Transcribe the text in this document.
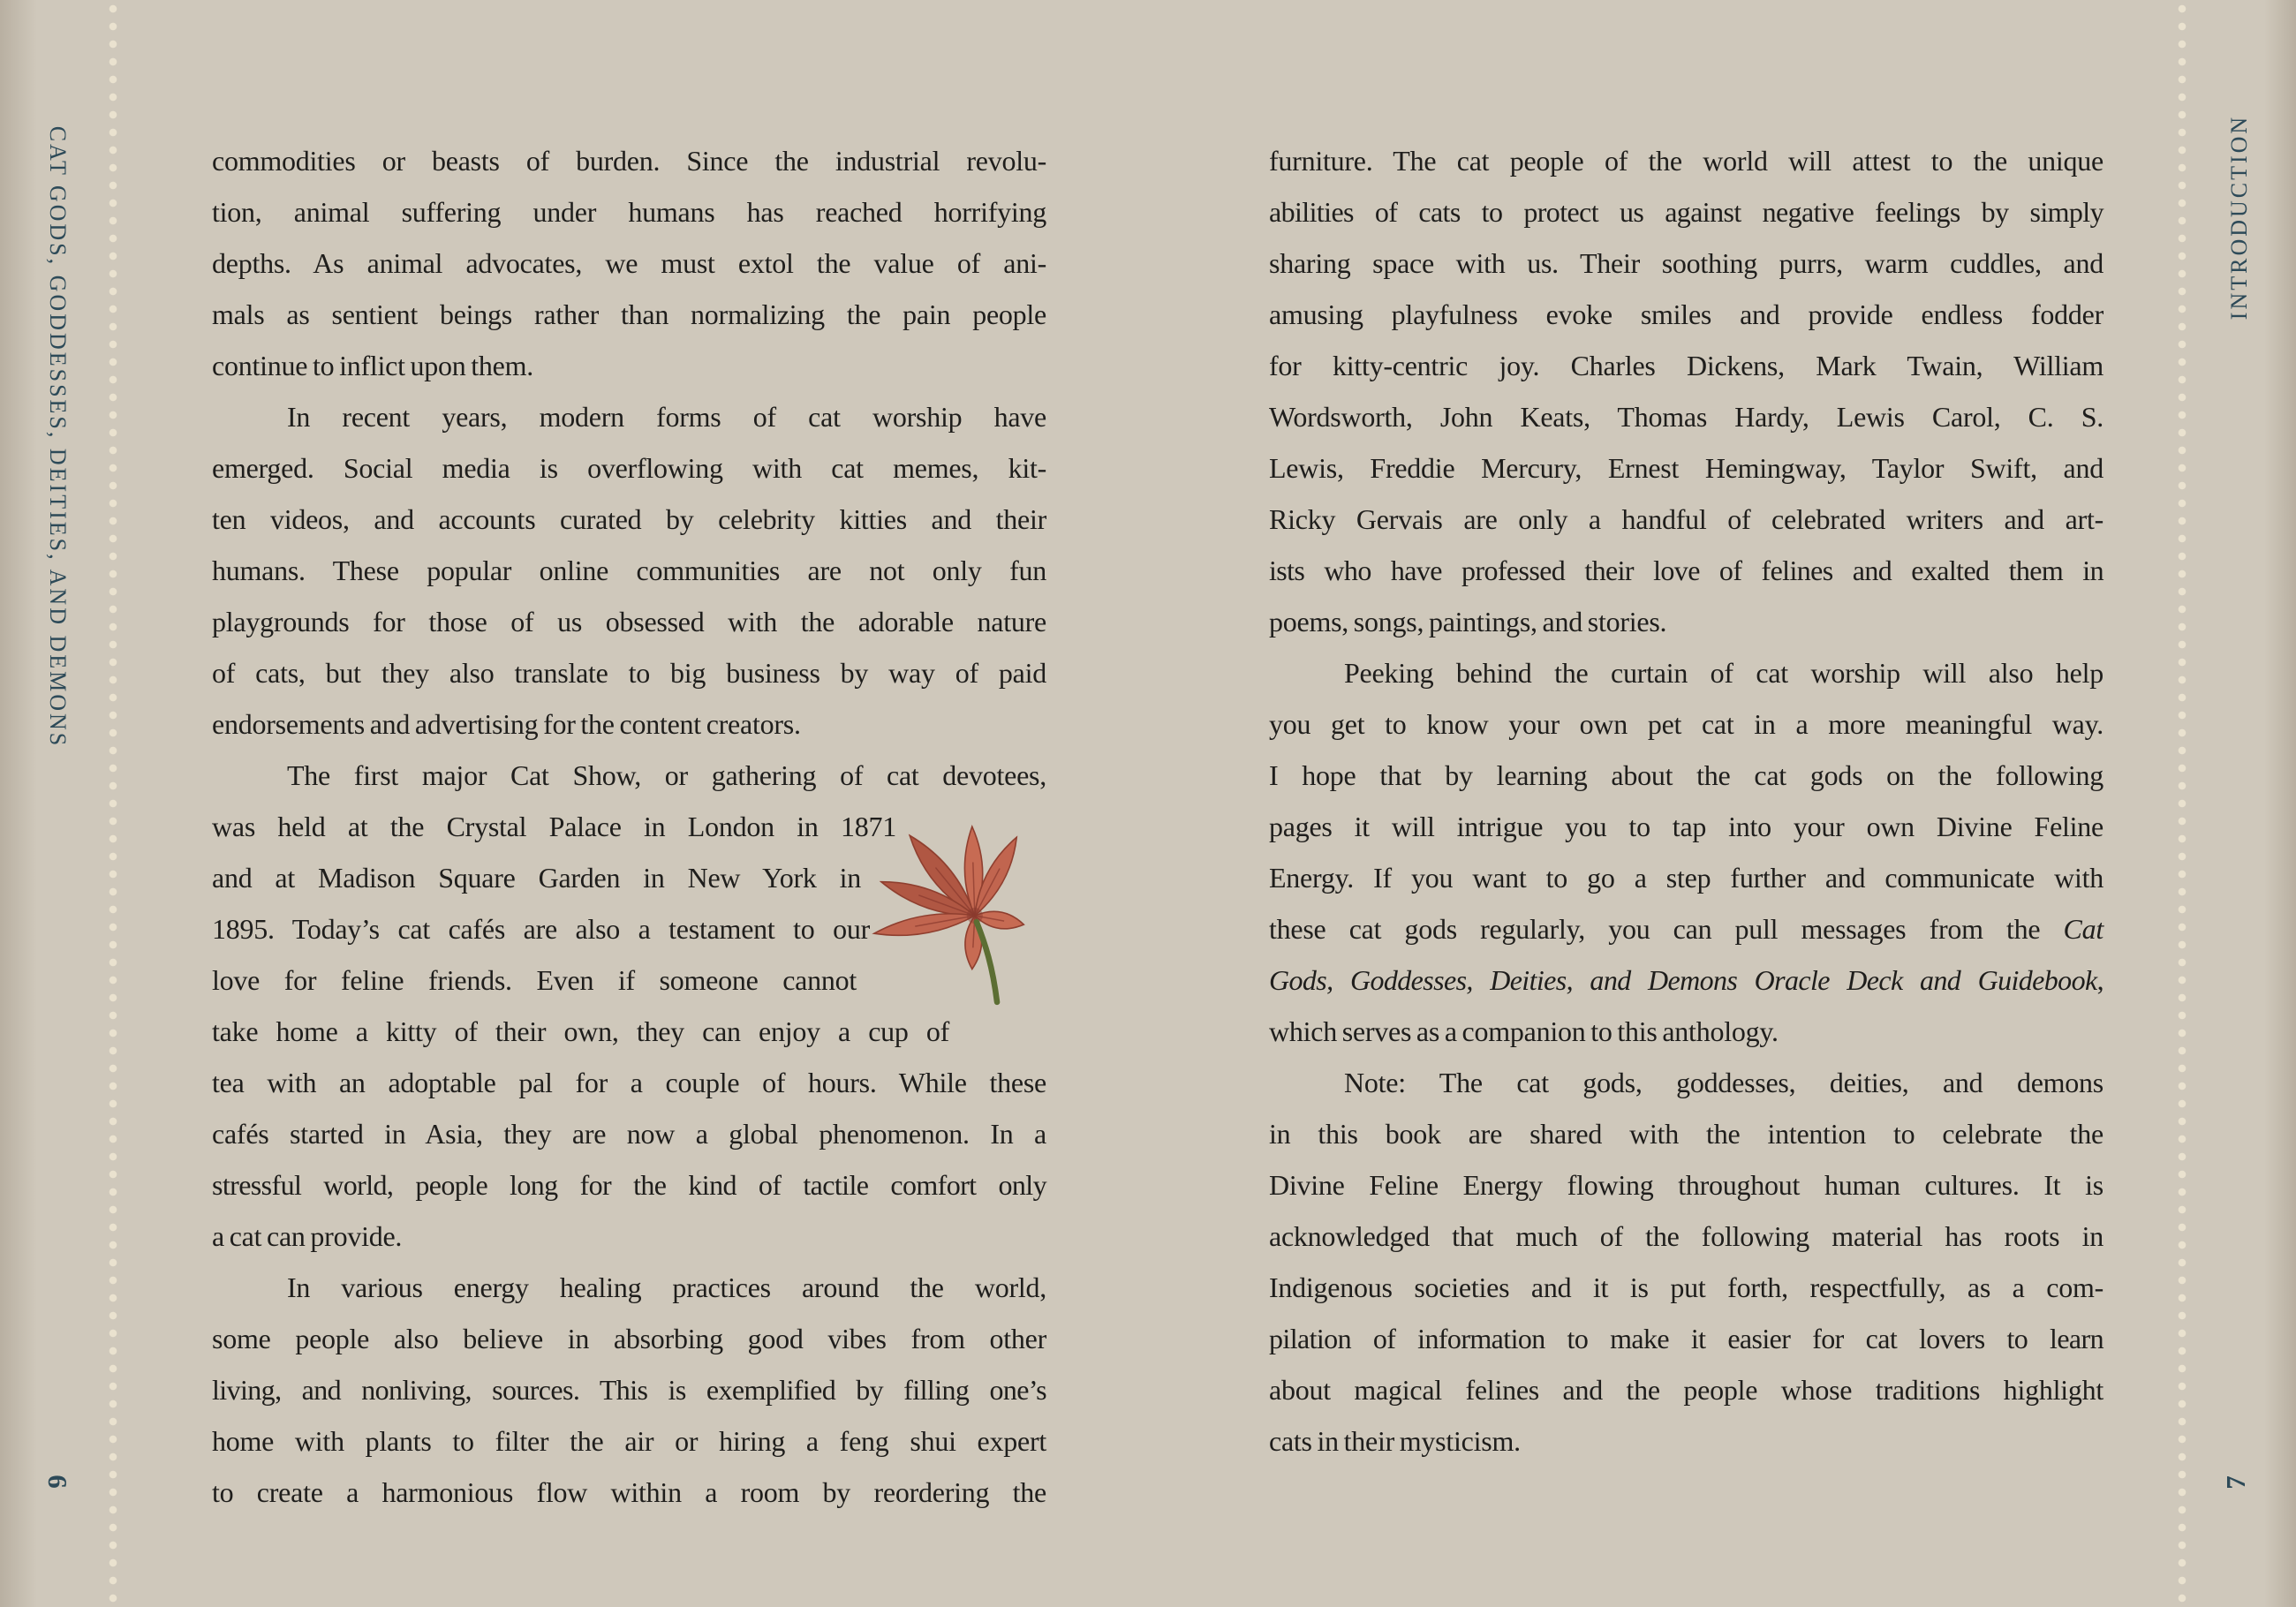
CAT GODS, GODDESSES, DEITIES, AND DEMONS	INTRODUCTION
6	7
commodities or beasts of burden. Since the industrial revolu-
tion, animal suffering under humans has reached horrifying
depths. As animal advocates, we must extol the value of ani-
mals as sentient beings rather than normalizing the pain people
continue to inflict upon them.
In recent years, modern forms of cat worship have
emerged. Social media is overflowing with cat memes, kit-
ten videos, and accounts curated by celebrity kitties and their
humans. These popular online communities are not only fun
playgrounds for those of us obsessed with the adorable nature
of cats, but they also translate to big business by way of paid
endorsements and advertising for the content creators.
The first major Cat Show, or gathering of cat devotees,
was held at the Crystal Palace in London in 1871
and at Madison Square Garden in New York in
1895. Today’s cat cafés are also a testament to our
love for feline friends. Even if someone cannot
take home a kitty of their own, they can enjoy a cup of
tea with an adoptable pal for a couple of hours. While these
cafés started in Asia, they are now a global phenomenon. In a
stressful world, people long for the kind of tactile comfort only
a cat can provide.
In various energy healing practices around the world,
some people also believe in absorbing good vibes from other
living, and nonliving, sources. This is exemplified by filling one’s
home with plants to filter the air or hiring a feng shui expert
to create a harmonious flow within a room by reordering the
furniture. The cat people of the world will attest to the unique
abilities of cats to protect us against negative feelings by simply
sharing space with us. Their soothing purrs, warm cuddles, and
amusing playfulness evoke smiles and provide endless fodder
for kitty-centric joy. Charles Dickens, Mark Twain, William
Wordsworth, John Keats, Thomas Hardy, Lewis Carol, C. S.
Lewis, Freddie Mercury, Ernest Hemingway, Taylor Swift, and
Ricky Gervais are only a handful of celebrated writers and art-
ists who have professed their love of felines and exalted them in
poems, songs, paintings, and stories.
Peeking behind the curtain of cat worship will also help
you get to know your own pet cat in a more meaningful way.
I hope that by learning about the cat gods on the following
pages it will intrigue you to tap into your own Divine Feline
Energy. If you want to go a step further and communicate with
these cat gods regularly, you can pull messages from the Cat
Gods, Goddesses, Deities, and Demons Oracle Deck and Guidebook,
which serves as a companion to this anthology.
Note: The cat gods, goddesses, deities, and demons
in this book are shared with the intention to celebrate the
Divine Feline Energy flowing throughout human cultures. It is
acknowledged that much of the following material has roots in
Indigenous societies and it is put forth, respectfully, as a com-
pilation of information to make it easier for cat lovers to learn
about magical felines and the people whose traditions highlight
cats in their mysticism.
